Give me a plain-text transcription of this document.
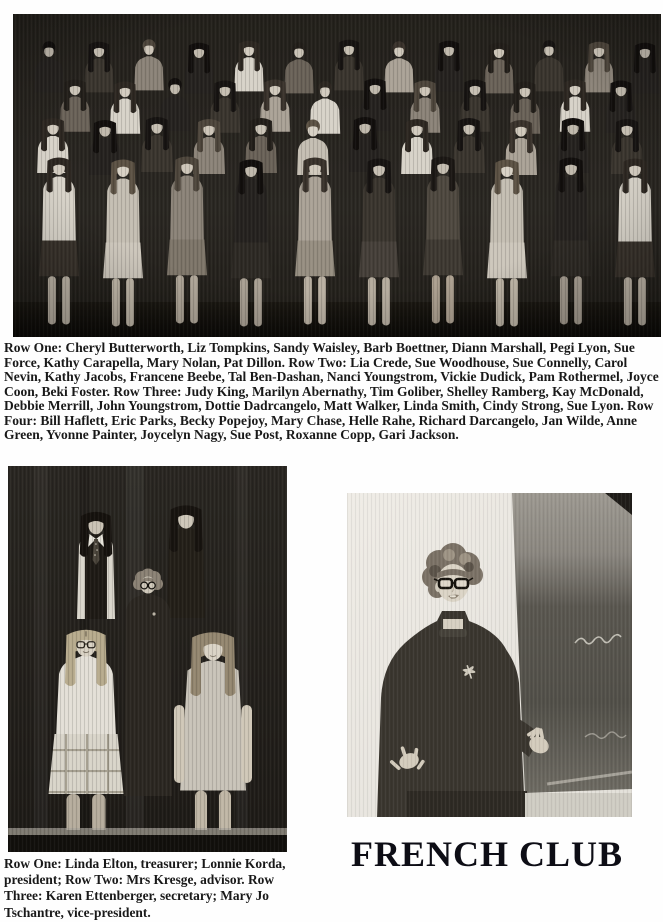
Row One: Cheryl Butterworth, Liz Tompkins, Sandy Waisley, Barb Boettner, Diann Marshall, Pegi Lyon, Sue Force, Kathy Carapella, Mary Nolan, Pat Dillon. Row Two: Lia Crede, Sue Woodhouse, Sue Connelly, Carol Nevin, Kathy Jacobs, Francene Beebe, Tal Ben-Dashan, Nanci Youngstrom, Vickie Dudick, Pam Rothermel, Joyce Coon, Beki Foster. Row Three: Judy King, Marilyn Abernathy, Tim Goliber, Shelley Ramberg, Kay McDonald, Debbie Merrill, John Youngstrom, Dottie Dadrcangelo, Matt Walker, Linda Smith, Cindy Strong, Sue Lyon. Row Four: Bill Haflett, Eric Parks, Becky Popejoy, Mary Chase, Helle Rahe, Richard Darcangelo, Jan Wilde, Anne Green, Yvonne Painter, Joycelyn Nagy, Sue Post, Roxanne Copp, Gari Jackson.
FRENCH CLUB
Row One: Linda Elton, treasurer; Lonnie Korda, president; Row Two: Mrs Kresge, advisor. Row Three: Karen Ettenberger, secretary; Mary Jo Tschantre, vice-president.
